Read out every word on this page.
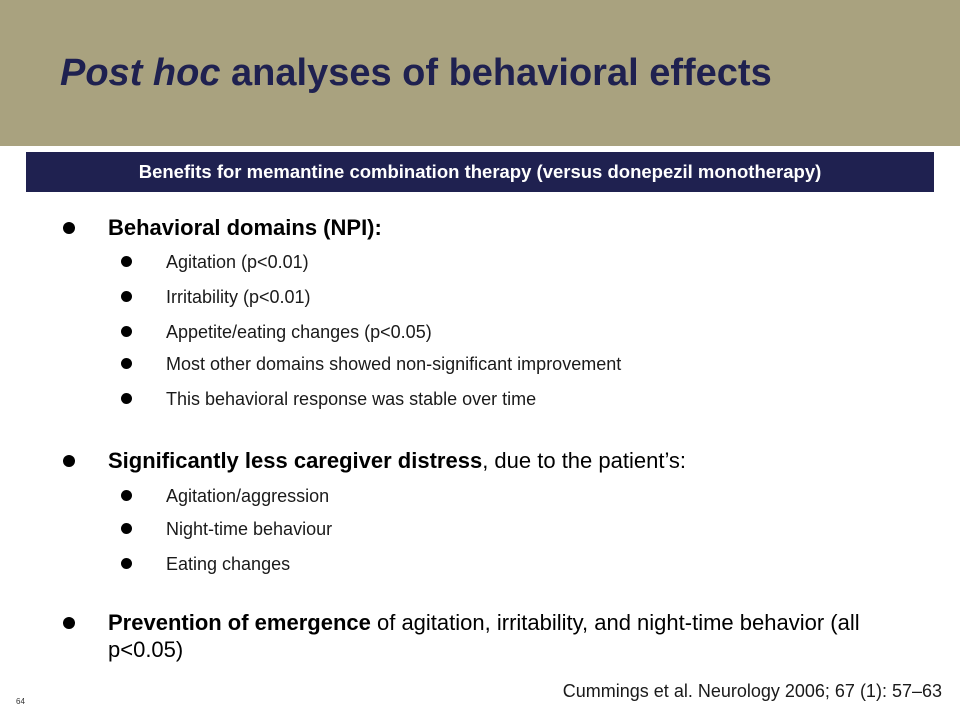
Post hoc analyses of behavioral effects
Benefits for memantine combination therapy (versus donepezil monotherapy)
Behavioral domains (NPI):
Agitation (p<0.01)
Irritability (p<0.01)
Appetite/eating changes (p<0.05)
Most other domains showed non-significant improvement
This behavioral response was stable over time
Significantly less caregiver distress, due to the patient’s:
Agitation/aggression
Night-time behaviour
Eating changes
Prevention of emergence of agitation, irritability, and night-time behavior (all p<0.05)
Cummings et al. Neurology 2006; 67 (1): 57–63
64
